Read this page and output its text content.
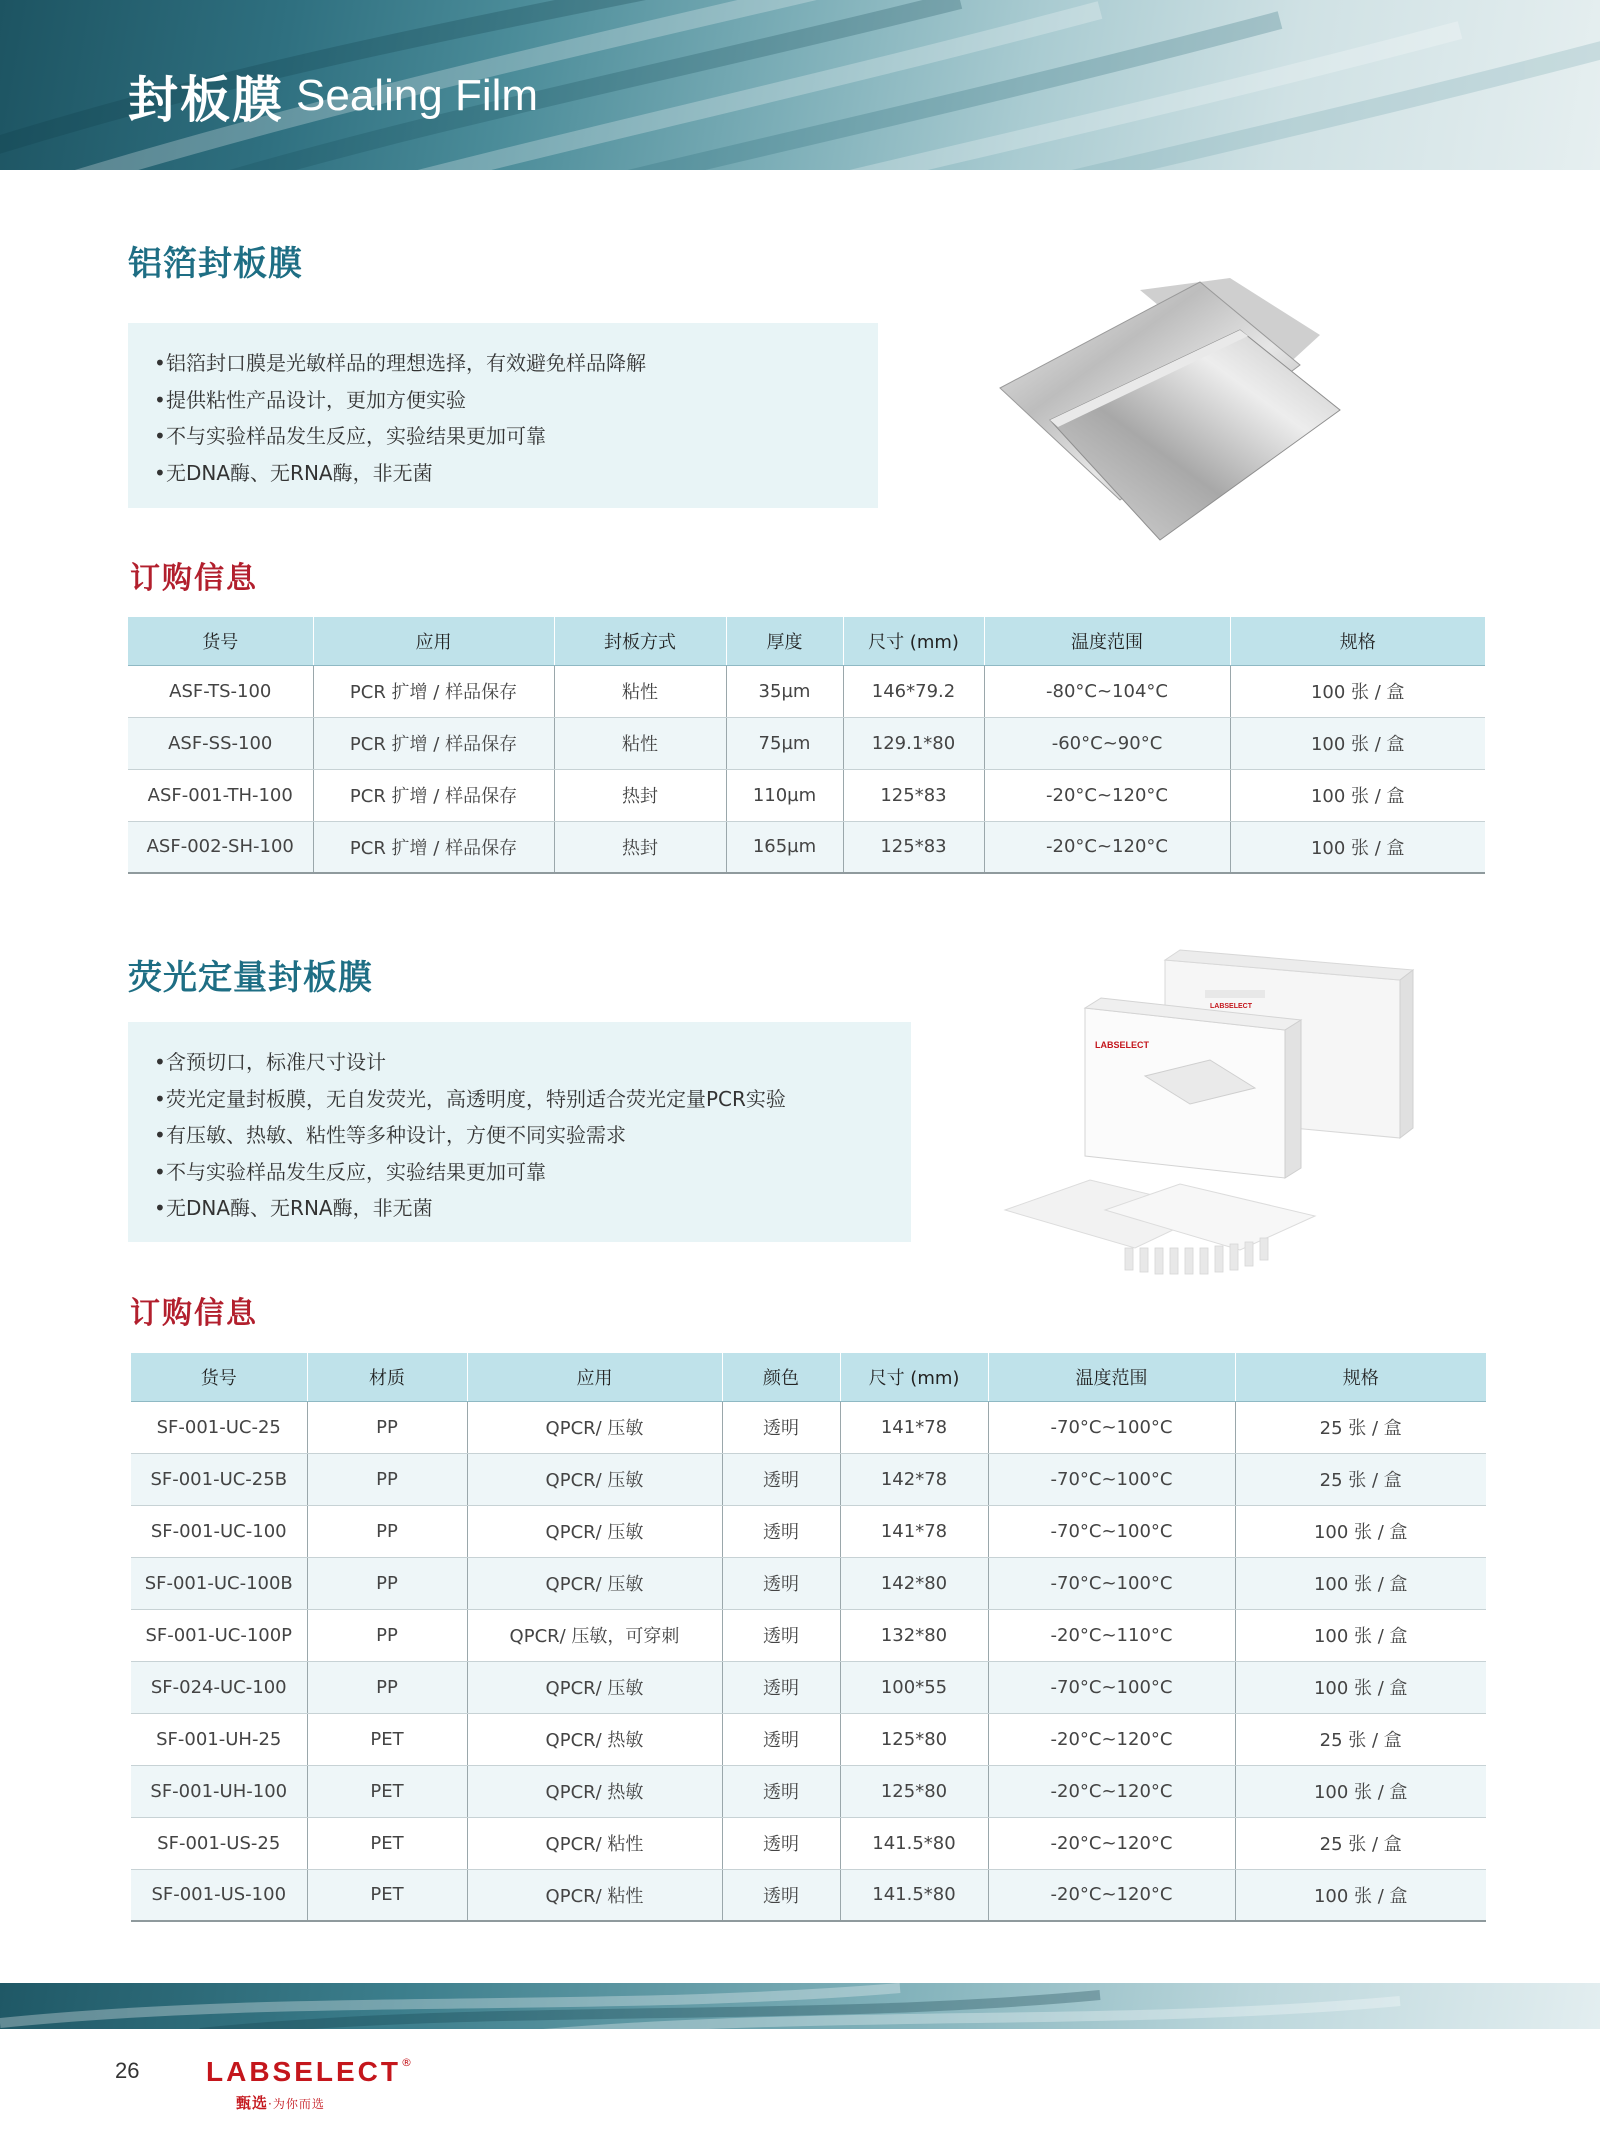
封板膜 Sealing Film
铝箔封板膜
•铝箔封口膜是光敏样品的理想选择，有效避免样品降解
•提供粘性产品设计，更加方便实验
•不与实验样品发生反应，实验结果更加可靠
•无DNA酶、无RNA酶，非无菌
订购信息
货号	应用	封板方式	厚度	尺寸 (mm)	温度范围	规格
ASF-TS-100	PCR 扩增 / 样品保存	粘性	35µm	146*79.2	-80°C~104°C	100 张 / 盒
ASF-SS-100	PCR 扩增 / 样品保存	粘性	75µm	129.1*80	-60°C~90°C	100 张 / 盒
ASF-001-TH-100	PCR 扩增 / 样品保存	热封	110µm	125*83	-20°C~120°C	100 张 / 盒
ASF-002-SH-100	PCR 扩增 / 样品保存	热封	165µm	125*83	-20°C~120°C	100 张 / 盒
荧光定量封板膜
•含预切口，标准尺寸设计
•荧光定量封板膜，无自发荧光，高透明度，特别适合荧光定量PCR实验
•有压敏、热敏、粘性等多种设计，方便不同实验需求
•不与实验样品发生反应，实验结果更加可靠
•无DNA酶、无RNA酶，非无菌
LABSELECT
LABSELECT
订购信息
货号	材质	应用	颜色	尺寸 (mm)	温度范围	规格
SF-001-UC-25	PP	QPCR/ 压敏	透明	141*78	-70°C~100°C	25 张 / 盒
SF-001-UC-25B	PP	QPCR/ 压敏	透明	142*78	-70°C~100°C	25 张 / 盒
SF-001-UC-100	PP	QPCR/ 压敏	透明	141*78	-70°C~100°C	100 张 / 盒
SF-001-UC-100B	PP	QPCR/ 压敏	透明	142*80	-70°C~100°C	100 张 / 盒
SF-001-UC-100P	PP	QPCR/ 压敏，可穿刺	透明	132*80	-20°C~110°C	100 张 / 盒
SF-024-UC-100	PP	QPCR/ 压敏	透明	100*55	-70°C~100°C	100 张 / 盒
SF-001-UH-25	PET	QPCR/ 热敏	透明	125*80	-20°C~120°C	25 张 / 盒
SF-001-UH-100	PET	QPCR/ 热敏	透明	125*80	-20°C~120°C	100 张 / 盒
SF-001-US-25	PET	QPCR/ 粘性	透明	141.5*80	-20°C~120°C	25 张 / 盒
SF-001-US-100	PET	QPCR/ 粘性	透明	141.5*80	-20°C~120°C	100 张 / 盒
26 LABSELECT®
甄选·为你而选
